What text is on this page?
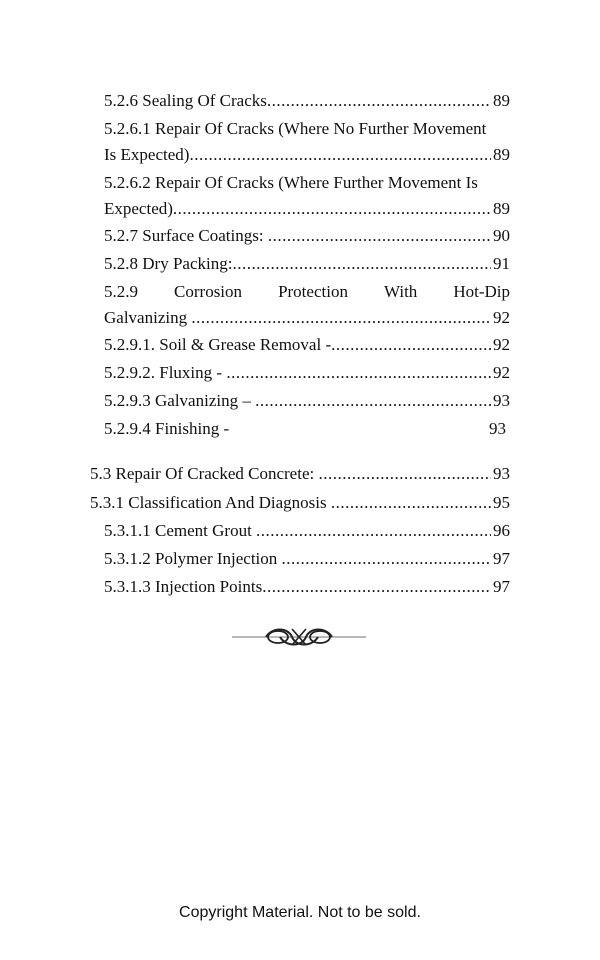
5.2.6 Sealing Of Cracks .....	89
5.2.6.1 Repair Of Cracks (Where No Further Movement
Is Expected) .....	89
5.2.6.2 Repair Of Cracks (Where Further Movement Is
Expected) .....	89
5.2.7 Surface Coatings: .....	90
5.2.8 Dry Packing: .....	91
5.2.9 Corrosion Protection With Hot-Dip
Galvanizing .....	92
5.2.9.1. Soil & Grease Removal - .....	92
5.2.9.2. Fluxing - .....	92
5.2.9.3 Galvanizing – .....	93
5.2.9.4 Finishing -	93
5.3 Repair Of Cracked Concrete: .....	93
5.3.1 Classification And Diagnosis .....	95
5.3.1.1 Cement Grout .....	96
5.3.1.2 Polymer Injection .....	97
5.3.1.3 Injection Points .....	97
Copyright Material. Not to be sold.
